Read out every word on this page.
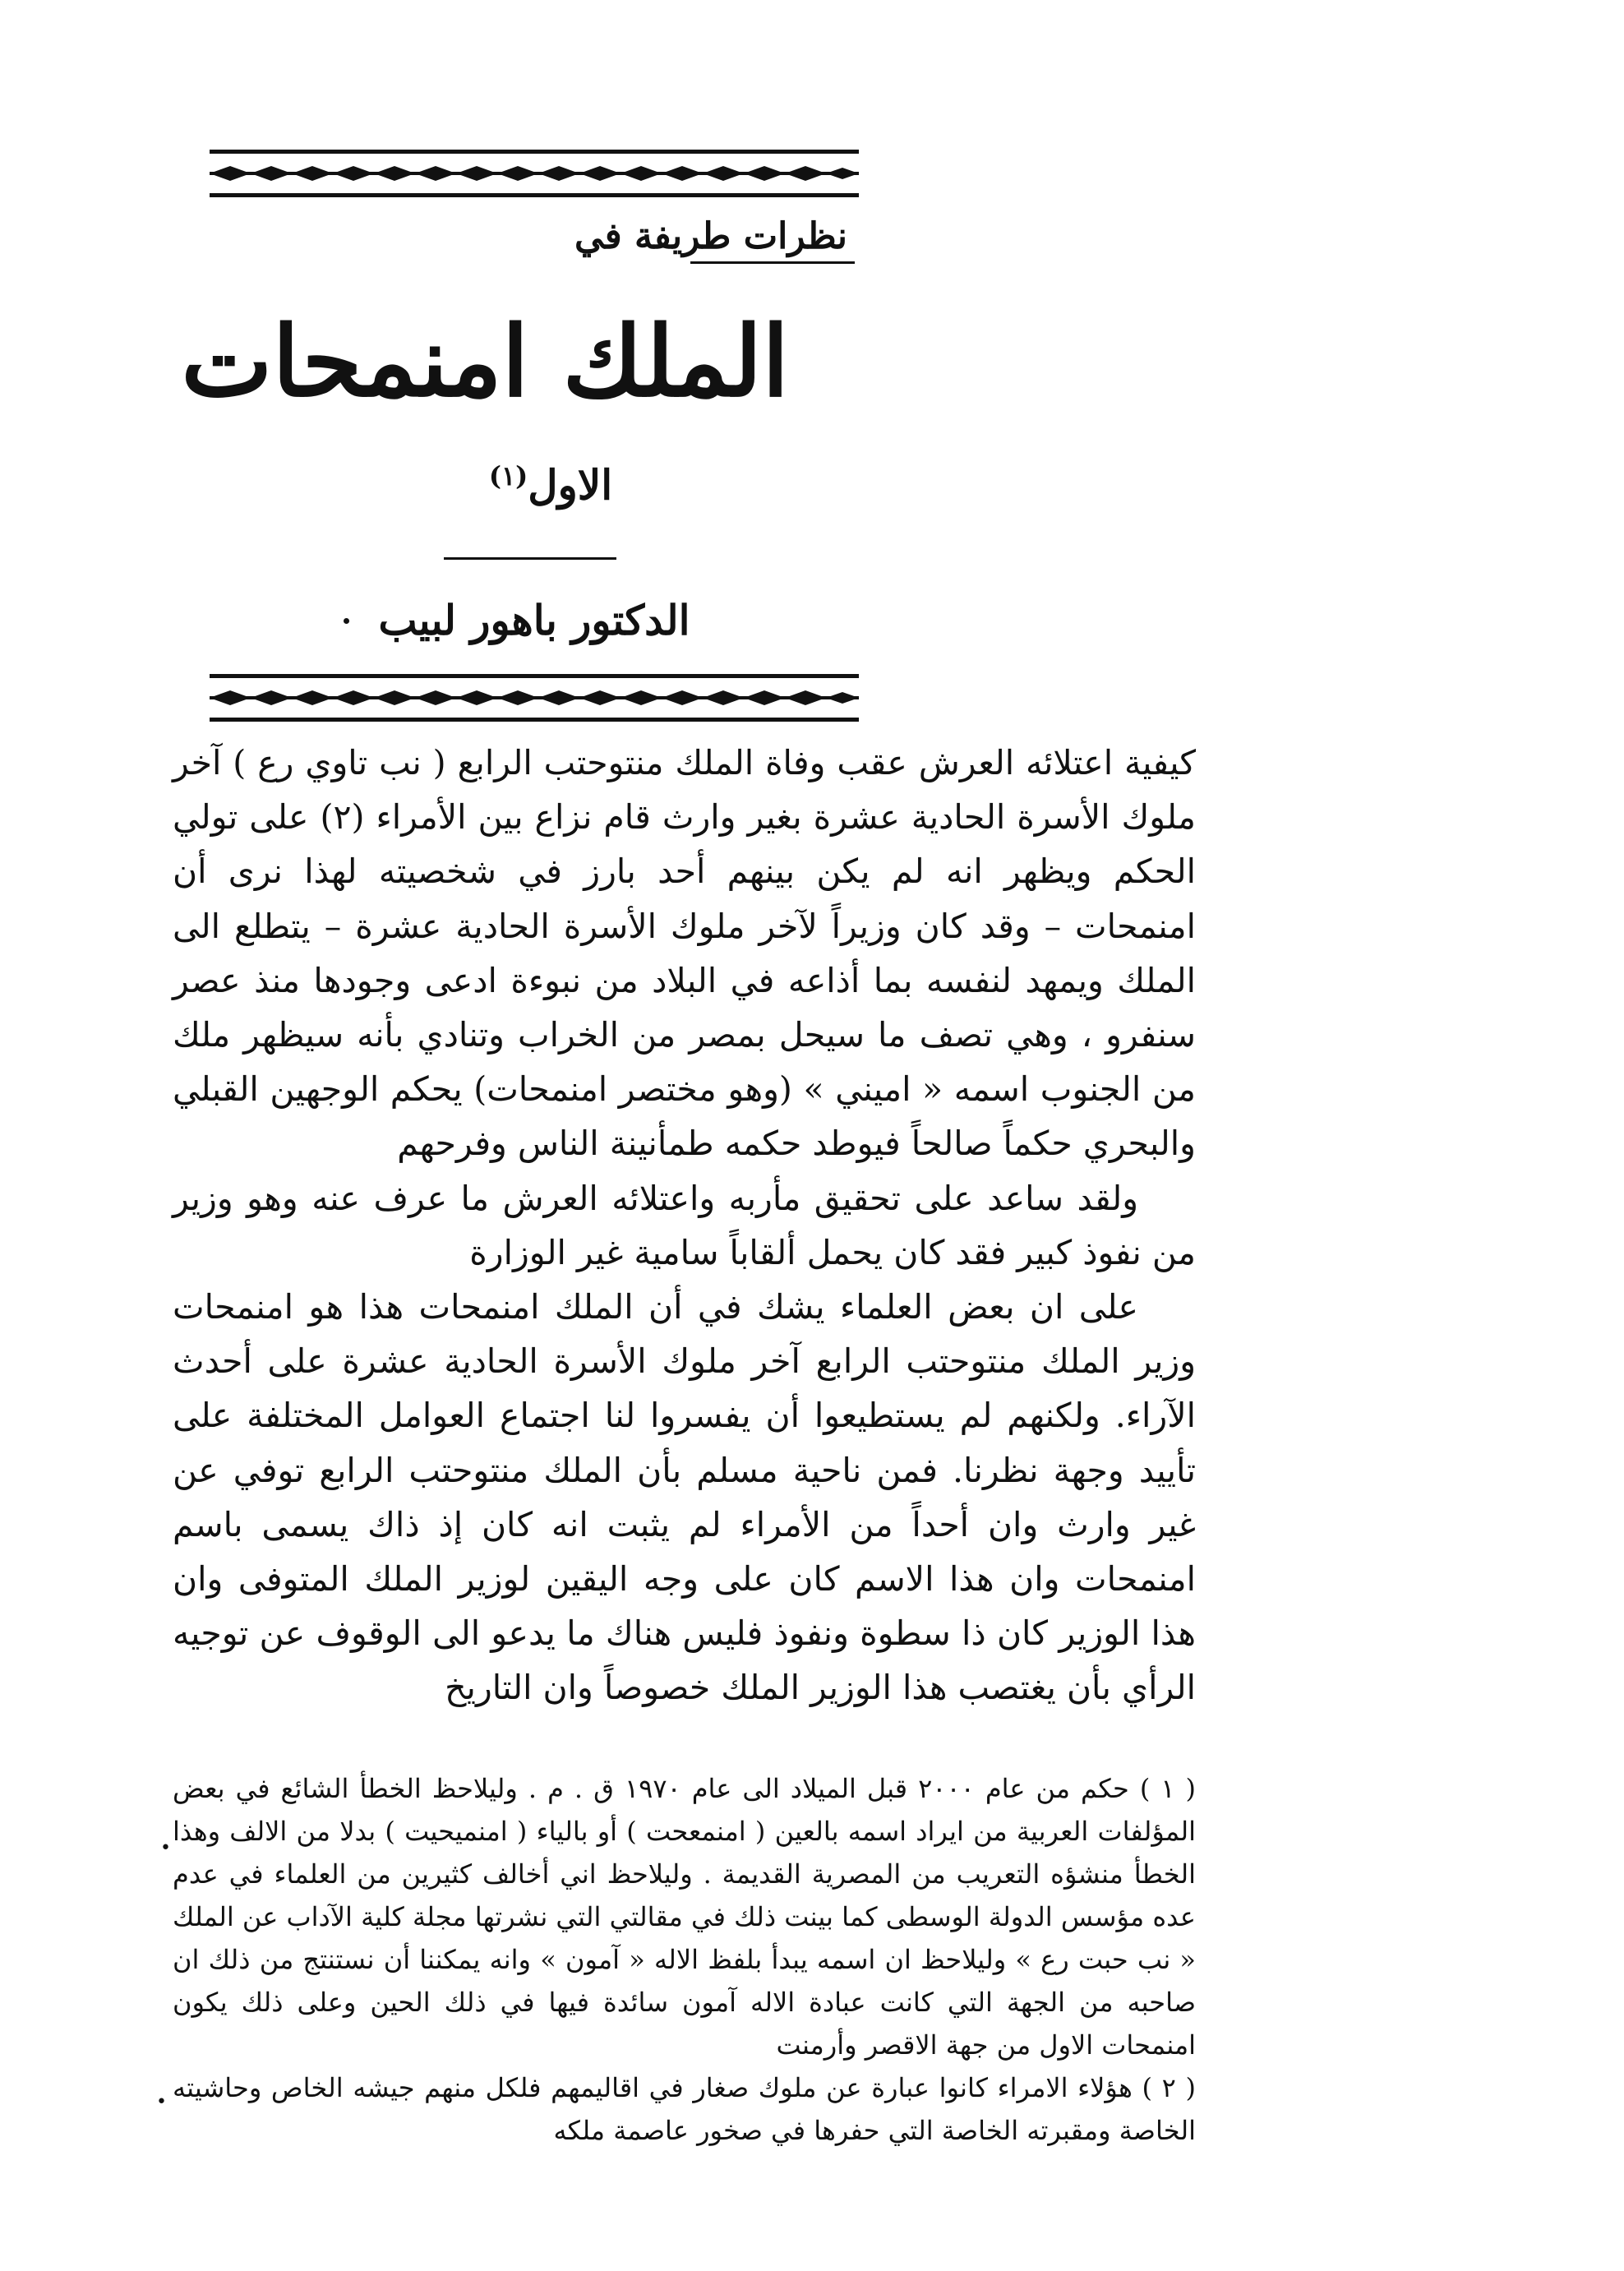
نظرات طريفة في
الملك امنمحات
الاول$^{(١)}$
الدكتور باهور لبيب

كيفية اعتلائه العرش عقب وفاة الملك منتوحتب الرابع ( نب تاوي رع ) آخر ملوك الأسرة الحادية عشرة بغير وارث قام نزاع بين الأمراء (٢) على تولي الحكم ويظهر انه لم يكن بينهم أحد بارز في شخصيته لهذا نرى أن امنمحات – وقد كان وزيراً لآخر ملوك الأسرة الحادية عشرة – يتطلع الى الملك ويمهد لنفسه بما أذاعه في البلاد من نبوءة ادعى وجودها منذ عصر سنفرو ، وهي تصف ما سيحل بمصر من الخراب وتنادي بأنه سيظهر ملك من الجنوب اسمه « اميني » (وهو مختصر امنمحات) يحكم الوجهين القبلي والبحري حكماً صالحاً فيوطد حكمه طمأنينة الناس وفرحهم

ولقد ساعد على تحقيق مأربه واعتلائه العرش ما عرف عنه وهو وزير من نفوذ كبير فقد كان يحمل ألقاباً سامية غير الوزارة

على ان بعض العلماء يشك في أن الملك امنمحات هذا هو امنمحات وزير الملك منتوحتب الرابع آخر ملوك الأسرة الحادية عشرة على أحدث الآراء. ولكنهم لم يستطيعوا أن يفسروا لنا اجتماع العوامل المختلفة على تأييد وجهة نظرنا. فمن ناحية مسلم بأن الملك منتوحتب الرابع توفي عن غير وارث وان أحداً من الأمراء لم يثبت انه كان إذ ذاك يسمى باسم امنمحات وان هذا الاسم كان على وجه اليقين لوزير الملك المتوفى وان هذا الوزير كان ذا سطوة ونفوذ فليس هناك ما يدعو الى الوقوف عن توجيه الرأي بأن يغتصب هذا الوزير الملك خصوصاً وان التاريخ

( ١ ) حكم من عام ٢٠٠٠ قبل الميلاد الى عام ١٩٧٠ ق . م . وليلاحظ الخطأ الشائع في بعض المؤلفات العربية من ايراد اسمه بالعين ( امنمعحت ) أو بالياء ( امنميحيت ) بدلا من الالف وهذا الخطأ منشؤه التعريب من المصرية القديمة . وليلاحظ اني أخالف كثيرين من العلماء في عدم عده مؤسس الدولة الوسطى كما بينت ذلك في مقالتي التي نشرتها مجلة كلية الآداب عن الملك « نب حبت رع » وليلاحظ ان اسمه يبدأ بلفظ الاله « آمون » وانه يمكننا أن نستنتج من ذلك ان صاحبه من الجهة التي كانت عبادة الاله آمون سائدة فيها في ذلك الحين وعلى ذلك يكون امنمحات الاول من جهة الاقصر وأرمنت

( ٢ ) هؤلاء الامراء كانوا عبارة عن ملوك صغار في اقاليمهم فلكل منهم جيشه الخاص وحاشيته الخاصة ومقبرته الخاصة التي حفرها في صخور عاصمة ملكه

•
•
